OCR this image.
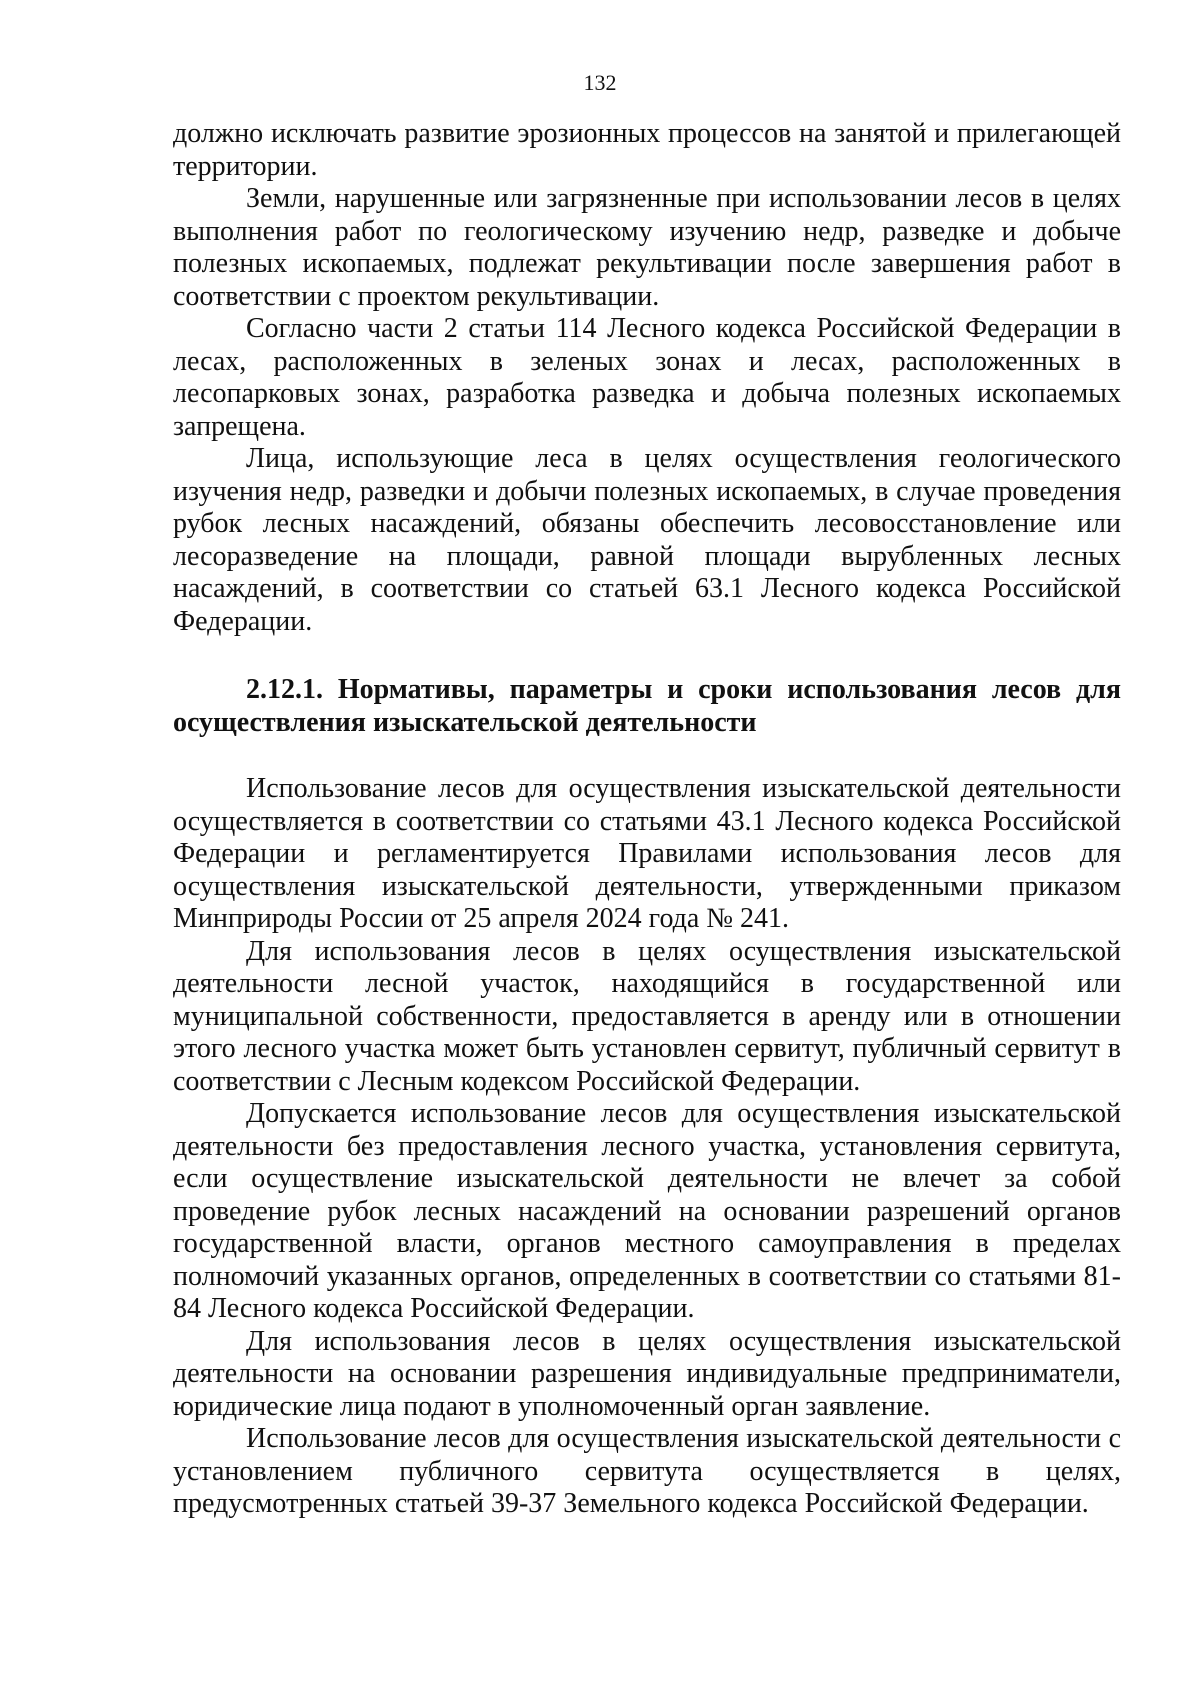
132

должно исключать развитие эрозионных процессов на занятой и прилегающей территории.

Земли, нарушенные или загрязненные при использовании лесов в целях выполнения работ по геологическому изучению недр, разведке и добыче полезных ископаемых, подлежат рекультивации после завершения работ в соответствии с проектом рекультивации.

Согласно части 2 статьи 114 Лесного кодекса Российской Федерации в лесах, расположенных в зеленых зонах и лесах, расположенных в лесопарковых зонах, разработка разведка и добыча полезных ископаемых запрещена.

Лица, использующие леса в целях осуществления геологического изучения недр, разведки и добычи полезных ископаемых, в случае проведения рубок лесных насаждений, обязаны обеспечить лесовосстановление или лесоразведение на площади, равной площади вырубленных лесных насаждений, в соответствии со статьей 63.1 Лесного кодекса Российской Федерации.

2.12.1. Нормативы, параметры и сроки использования лесов для осуществления изыскательской деятельности

Использование лесов для осуществления изыскательской деятельности осуществляется в соответствии со статьями 43.1 Лесного кодекса Российской Федерации и регламентируется Правилами использования лесов для осуществления изыскательской деятельности, утвержденными приказом Минприроды России от 25 апреля 2024 года № 241.

Для использования лесов в целях осуществления изыскательской деятельности лесной участок, находящийся в государственной или муниципальной собственности, предоставляется в аренду или в отношении этого лесного участка может быть установлен сервитут, публичный сервитут в соответствии с Лесным кодексом Российской Федерации.

Допускается использование лесов для осуществления изыскательской деятельности без предоставления лесного участка, установления сервитута, если осуществление изыскательской деятельности не влечет за собой проведение рубок лесных насаждений на основании разрешений органов государственной власти, органов местного самоуправления в пределах полномочий указанных органов, определенных в соответствии со статьями 81-84 Лесного кодекса Российской Федерации.

Для использования лесов в целях осуществления изыскательской деятельности на основании разрешения индивидуальные предприниматели, юридические лица подают в уполномоченный орган заявление.

Использование лесов для осуществления изыскательской деятельности с установлением публичного сервитута осуществляется в целях, предусмотренных статьей 39-37 Земельного кодекса Российской Федерации.
